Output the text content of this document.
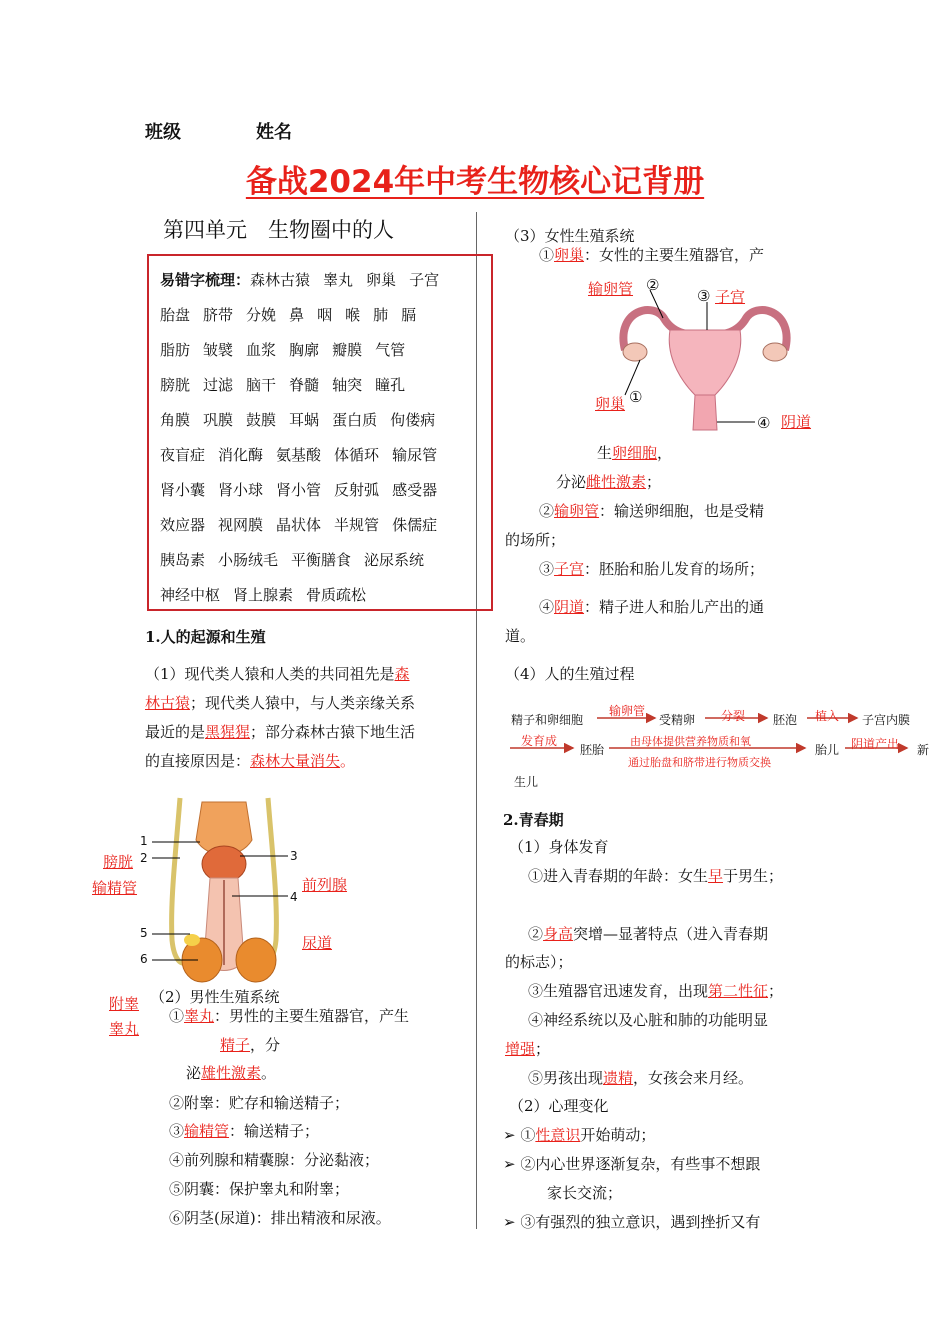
班级	姓名
备战2024年中考生物核心记背册
第四单元　生物圈中的人
易错字梳理：森林古猿 睾丸 卵巢 子宫
胎盘 脐带 分娩 鼻 咽 喉 肺 膈
脂肪 皱襞 血浆 胸廓 瓣膜 气管
膀胱 过滤 脑干 脊髓 轴突 瞳孔
角膜 巩膜 鼓膜 耳蜗 蛋白质 佝偻病
夜盲症 消化酶 氨基酸 体循环 输尿管
肾小囊 肾小球 肾小管 反射弧 感受器
效应器 视网膜 晶状体 半规管 侏儒症
胰岛素 小肠绒毛 平衡膳食 泌尿系统
神经中枢 肾上腺素 骨质疏松
1.人的起源和生殖
（1）现代类人猿和人类的共同祖先是森
林古猿；现代类人猿中，与人类亲缘关系
最近的是黑猩猩；部分森林古猿下地生活
的直接原因是：森林大量消失。
1
2	3
4
5
6
膀胱
输精管	前列腺
尿道
附睾
睾丸
（2）男性生殖系统
①睾丸：男性的主要生殖器官，产生
精子，分
泌雄性激素。
②附睾：贮存和输送精子；
③输精管：输送精子；
④前列腺和精囊腺：分泌黏液；
⑤阴囊：保护睾丸和附睾；
⑥阴茎(尿道)：排出精液和尿液。
（3）女性生殖系统
①卵巢：女性的主要生殖器官，产
输卵管 ②
③ 子宫
卵巢 ①
④ 阴道
生卵细胞，
分泌雌性激素；
②输卵管：输送卵细胞，也是受精
的场所；
③子宫：胚胎和胎儿发育的场所；
④阴道：精子进人和胎儿产出的通
道。
（4）人的生殖过程
精子和卵细胞
输卵管
受精卵 分裂 胚泡 植入 子宫内膜
发育成
胚胎
由母体提供营养物质和氧
通过胎盘和脐带进行物质交换
胎儿 阴道产出 新
生儿
2.青春期
（1）身体发育
①进入青春期的年龄：女生早于男生；
②身高突增—显著特点（进入青春期
的标志）；
③生殖器官迅速发育，出现第二性征；
④神经系统以及心脏和肺的功能明显
增强；
⑤男孩出现遗精，女孩会来月经。
（2）心理变化
➢ ①性意识开始萌动；
➢ ②内心世界逐渐复杂，有些事不想跟
家长交流；
➢ ③有强烈的独立意识，遇到挫折又有
